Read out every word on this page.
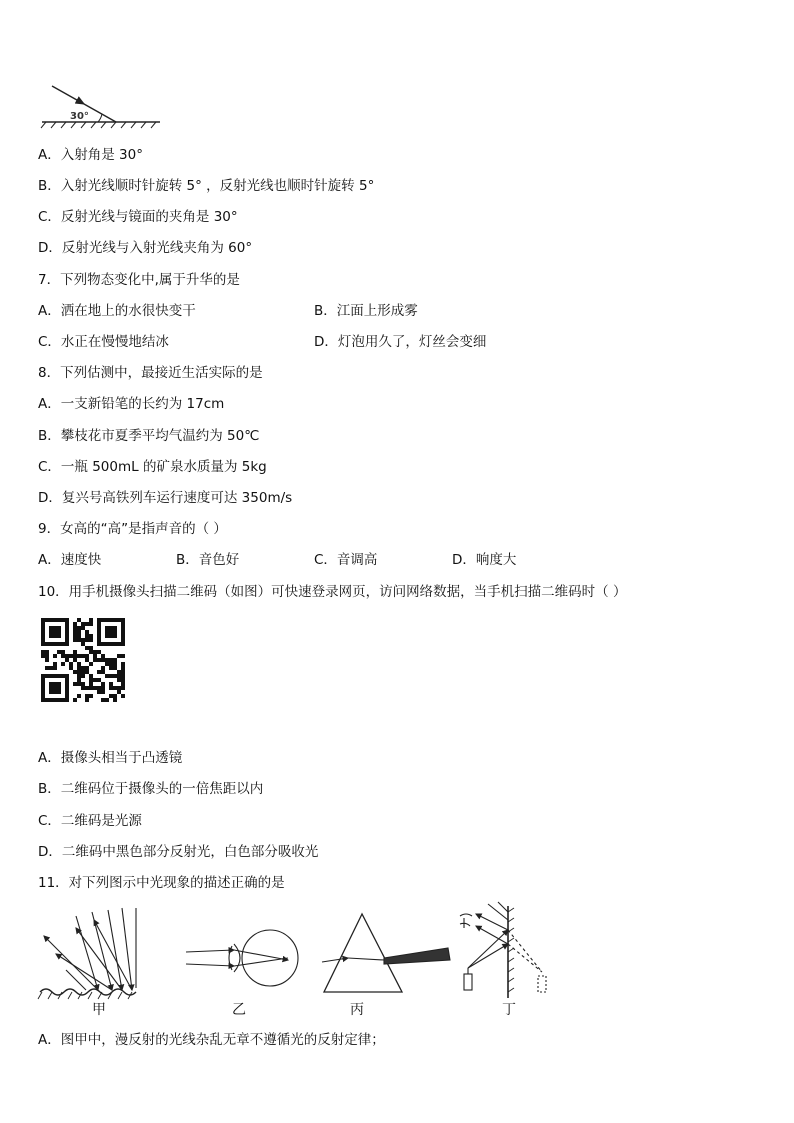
30°
A．入射角是 30°
B．入射光线顺时针旋转 5° ，反射光线也顺时针旋转 5°
C．反射光线与镜面的夹角是 30°
D．反射光线与入射光线夹角为 60°
7．下列物态变化中,属于升华的是
A．洒在地上的水很快变干	B．江面上形成雾
C．水正在慢慢地结冰	D．灯泡用久了，灯丝会变细
8．下列估测中，最接近生活实际的是
A．一支新铅笔的长约为 17cm
B．攀枝花市夏季平均气温约为 50℃
C．一瓶 500mL 的矿泉水质量为 5kg
D．复兴号高铁列车运行速度可达 350m/s
9．女高的“高”是指声音的（ ）
A．速度快	B．音色好	C．音调高	D．响度大
10．用手机摄像头扫描二维码（如图）可快速登录网页，访问网络数据，当手机扫描二维码时（ ）
A．摄像头相当于凸透镜
B．二维码位于摄像头的一倍焦距以内
C．二维码是光源
D．二维码中黑色部分反射光，白色部分吸收光
11．对下列图示中光现象的描述正确的是
甲	乙	丙	丁
A．图甲中，漫反射的光线杂乱无章不遵循光的反射定律；
